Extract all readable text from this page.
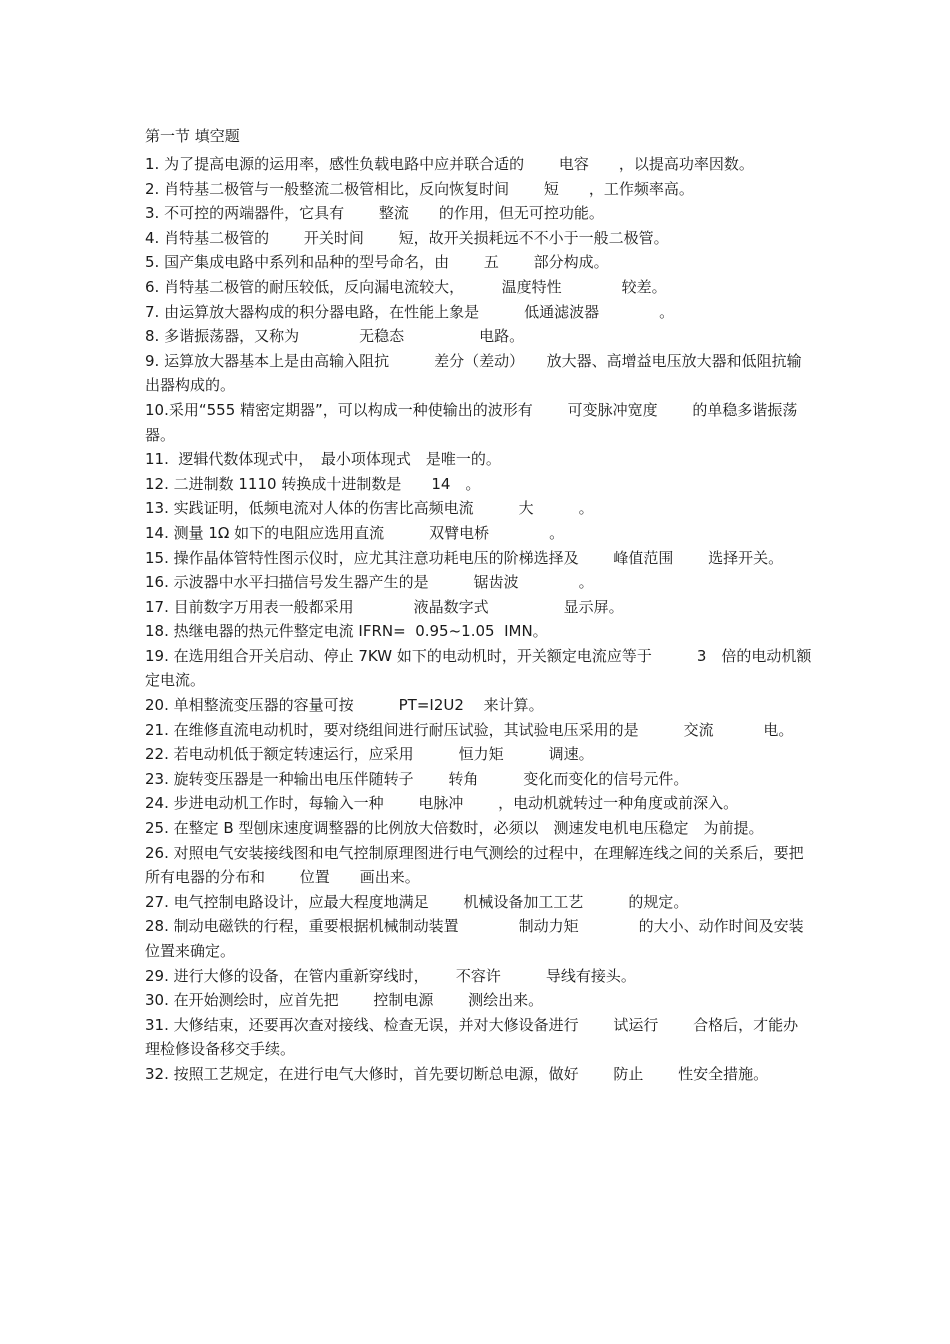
第一节 填空题

1. 为了提高电源的运用率，感性负载电路中应并联合适的　　 电容　　，以提高功率因数。

2. 肖特基二极管与一般整流二极管相比，反向恢复时间　　 短　　，工作频率高。

3. 不可控的两端器件，它具有　　 整流　　的作用，但无可控功能。

4. 肖特基二极管的　　 开关时间　　 短，故开关损耗远不不小于一般二极管。

5. 国产集成电路中系列和品种的型号命名，由　　 五　　 部分构成。

6. 肖特基二极管的耐压较低，反向漏电流较大，　　　温度特性　　　　较差。

7. 由运算放大器构成的积分器电路，在性能上象是　　　低通滤波器　　　　。

8. 多谐振荡器，又称为　　　　无稳态　　　　　电路。

9. 运算放大器基本上是由高输入阻抗　　　差分（差动）　　放大器、高增益电压放大器和低阻抗输出器构成的。

10.采用“555 精密定期器”，可以构成一种使输出的波形有　　 可变脉冲宽度　　 的单稳多谐振荡器。

11.  逻辑代数体现式中，　最小项体现式　是唯一的。

12. 二进制数 1110 转换成十进制数是　　14　。

13. 实践证明，低频电流对人体的伤害比高频电流　　　大　　　。

14. 测量 1Ω 如下的电阻应选用直流　　　双臂电桥　　　　。

15. 操作晶体管特性图示仪时，应尤其注意功耗电压的阶梯选择及　　 峰值范围　　 选择开关。

16. 示波器中水平扫描信号发生器产生的是　　　锯齿波　　　　。

17. 目前数字万用表一般都采用　　　　液晶数字式　　　　　显示屏。

18. 热继电器的热元件整定电流 IFRN=  0.95~1.05  IMN。

19. 在选用组合开关启动、停止 7KW 如下的电动机时，开关额定电流应等于　　　3　倍的电动机额定电流。

20. 单相整流变压器的容量可按　　　PT=I2U2　 来计算。

21. 在维修直流电动机时，要对绕组间进行耐压试验，其试验电压采用的是　　　交流　　　 电。

22. 若电动机低于额定转速运行，应采用　　　恒力矩　　　调速。

23. 旋转变压器是一种输出电压伴随转子　　 转角　　　变化而变化的信号元件。

24. 步进电动机工作时，每输入一种　　 电脉冲　　 ，电动机就转过一种角度或前深入。

25. 在整定 B 型刨床速度调整器的比例放大倍数时，必须以　测速发电机电压稳定　为前提。

26. 对照电气安装接线图和电气控制原理图进行电气测绘的过程中，在理解连线之间的关系后，要把所有电器的分布和　　 位置　　画出来。

27. 电气控制电路设计，应最大程度地满足　　 机械设备加工工艺　　　的规定。

28. 制动电磁铁的行程，重要根据机械制动装置　　　　制动力矩　　　　的大小、动作时间及安装位置来确定。

29. 进行大修的设备，在管内重新穿线时，　　 不容许　　　导线有接头。

30. 在开始测绘时，应首先把　　 控制电源　　 测绘出来。

31. 大修结束，还要再次查对接线、检查无误，并对大修设备进行　　 试运行　　 合格后，才能办理检修设备移交手续。

32. 按照工艺规定，在进行电气大修时，首先要切断总电源，做好　　 防止　　 性安全措施。
